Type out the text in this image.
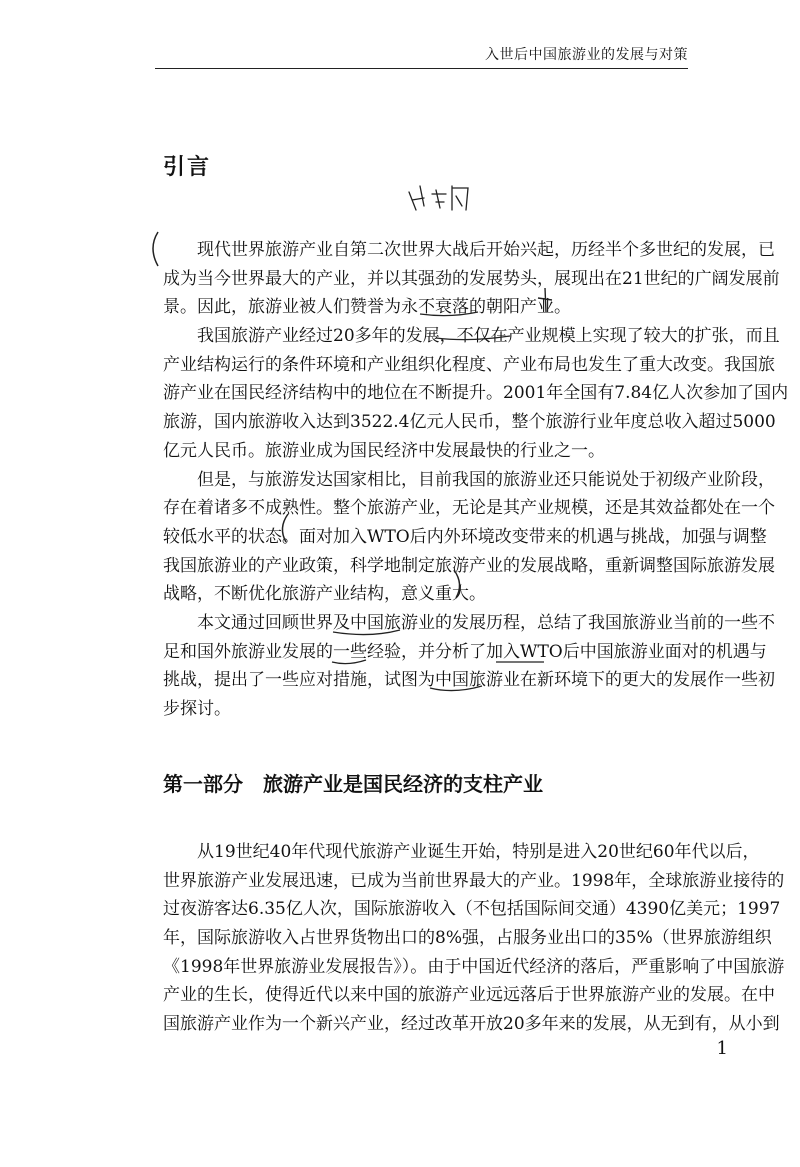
入世后中国旅游业的发展与对策
引言
现代世界旅游产业自第二次世界大战后开始兴起，历经半个多世纪的发展，已
成为当今世界最大的产业，并以其强劲的发展势头，展现出在21世纪的广阔发展前
景。因此，旅游业被人们赞誉为永不衰落的朝阳产业。
我国旅游产业经过20多年的发展，不仅在产业规模上实现了较大的扩张，而且
产业结构运行的条件环境和产业组织化程度、产业布局也发生了重大改变。我国旅
游产业在国民经济结构中的地位在不断提升。2001年全国有7.84亿人次参加了国内
旅游，国内旅游收入达到3522.4亿元人民币，整个旅游行业年度总收入超过5000
亿元人民币。旅游业成为国民经济中发展最快的行业之一。
但是，与旅游发达国家相比，目前我国的旅游业还只能说处于初级产业阶段，
存在着诸多不成熟性。整个旅游产业，无论是其产业规模，还是其效益都处在一个
较低水平的状态。面对加入WTO后内外环境改变带来的机遇与挑战，加强与调整
我国旅游业的产业政策，科学地制定旅游产业的发展战略，重新调整国际旅游发展
战略，不断优化旅游产业结构，意义重大。
本文通过回顾世界及中国旅游业的发展历程，总结了我国旅游业当前的一些不
足和国外旅游业发展的一些经验，并分析了加入WTO后中国旅游业面对的机遇与
挑战，提出了一些应对措施，试图为中国旅游业在新环境下的更大的发展作一些初
步探讨。
第一部分　旅游产业是国民经济的支柱产业
从19世纪40年代现代旅游产业诞生开始，特别是进入20世纪60年代以后，
世界旅游产业发展迅速，已成为当前世界最大的产业。1998年，全球旅游业接待的
过夜游客达6.35亿人次，国际旅游收入（不包括国际间交通）4390亿美元；1997
年，国际旅游收入占世界货物出口的8%强，占服务业出口的35%（世界旅游组织
《1998年世界旅游业发展报告》）。由于中国近代经济的落后，严重影响了中国旅游
产业的生长，使得近代以来中国的旅游产业远远落后于世界旅游产业的发展。在中
国旅游产业作为一个新兴产业，经过改革开放20多年来的发展，从无到有，从小到
1
